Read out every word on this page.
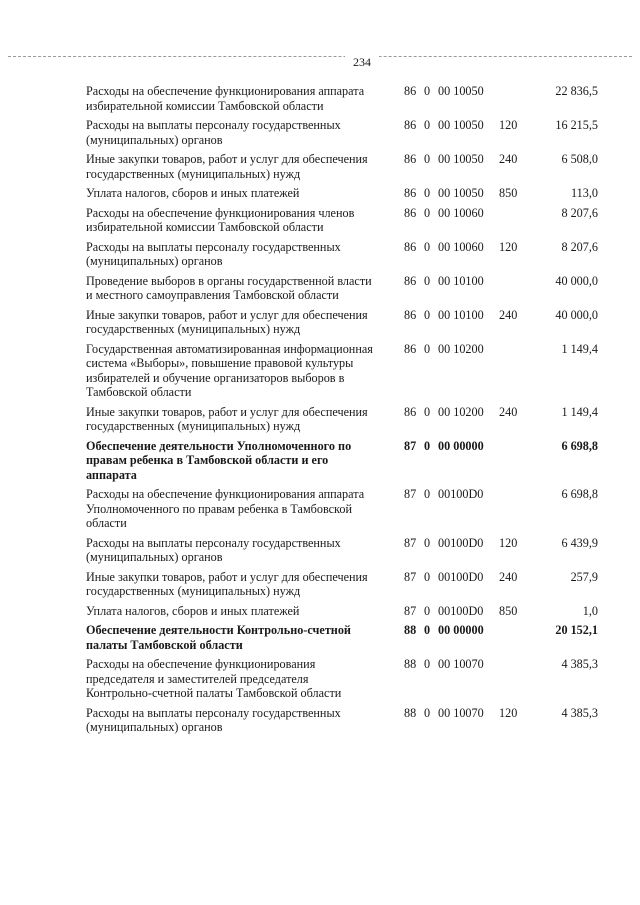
234
Расходы на обеспечение функционирования аппарата избирательной комиссии Тамбовской области
86 0 00 10050	22 836,5
Расходы на выплаты персоналу государственных (муниципальных) органов
86 0 00 10050 120	16 215,5
Иные закупки товаров, работ и услуг для обеспечения государственных (муниципальных) нужд
86 0 00 10050 240	6 508,0
Уплата налогов, сборов и иных платежей	86 0 00 10050 850	113,0
Расходы на обеспечение функционирования членов избирательной комиссии Тамбовской области
86 0 00 10060	8 207,6
Расходы на выплаты персоналу государственных (муниципальных) органов
86 0 00 10060 120	8 207,6
Проведение выборов в органы государственной власти и местного самоуправления Тамбовской области
86 0 00 10100	40 000,0
Иные закупки товаров, работ и услуг для обеспечения государственных (муниципальных) нужд
86 0 00 10100 240	40 000,0
Государственная автоматизированная информационная система «Выборы», повышение правовой культуры избирателей и обучение организаторов выборов в Тамбовской области
86 0 00 10200	1 149,4
Иные закупки товаров, работ и услуг для обеспечения государственных (муниципальных) нужд
86 0 00 10200 240	1 149,4
Обеспечение деятельности Уполномоченного по правам ребенка в Тамбовской области и его аппарата
87 0 00 00000	6 698,8
Расходы на обеспечение функционирования аппарата Уполномоченного по правам ребенка в Тамбовской области
87 0 00100D0	6 698,8
Расходы на выплаты персоналу государственных (муниципальных) органов
87 0 00100D0 120	6 439,9
Иные закупки товаров, работ и услуг для обеспечения государственных (муниципальных) нужд
87 0 00100D0 240	257,9
Уплата налогов, сборов и иных платежей	87 0 00100D0 850	1,0
Обеспечение деятельности Контрольно-счетной палаты Тамбовской области
88 0 00 00000	20 152,1
Расходы на обеспечение функционирования председателя и заместителей председателя Контрольно-счетной палаты Тамбовской области
88 0 00 10070	4 385,3
Расходы на выплаты персоналу государственных (муниципальных) органов
88 0 00 10070 120	4 385,3
